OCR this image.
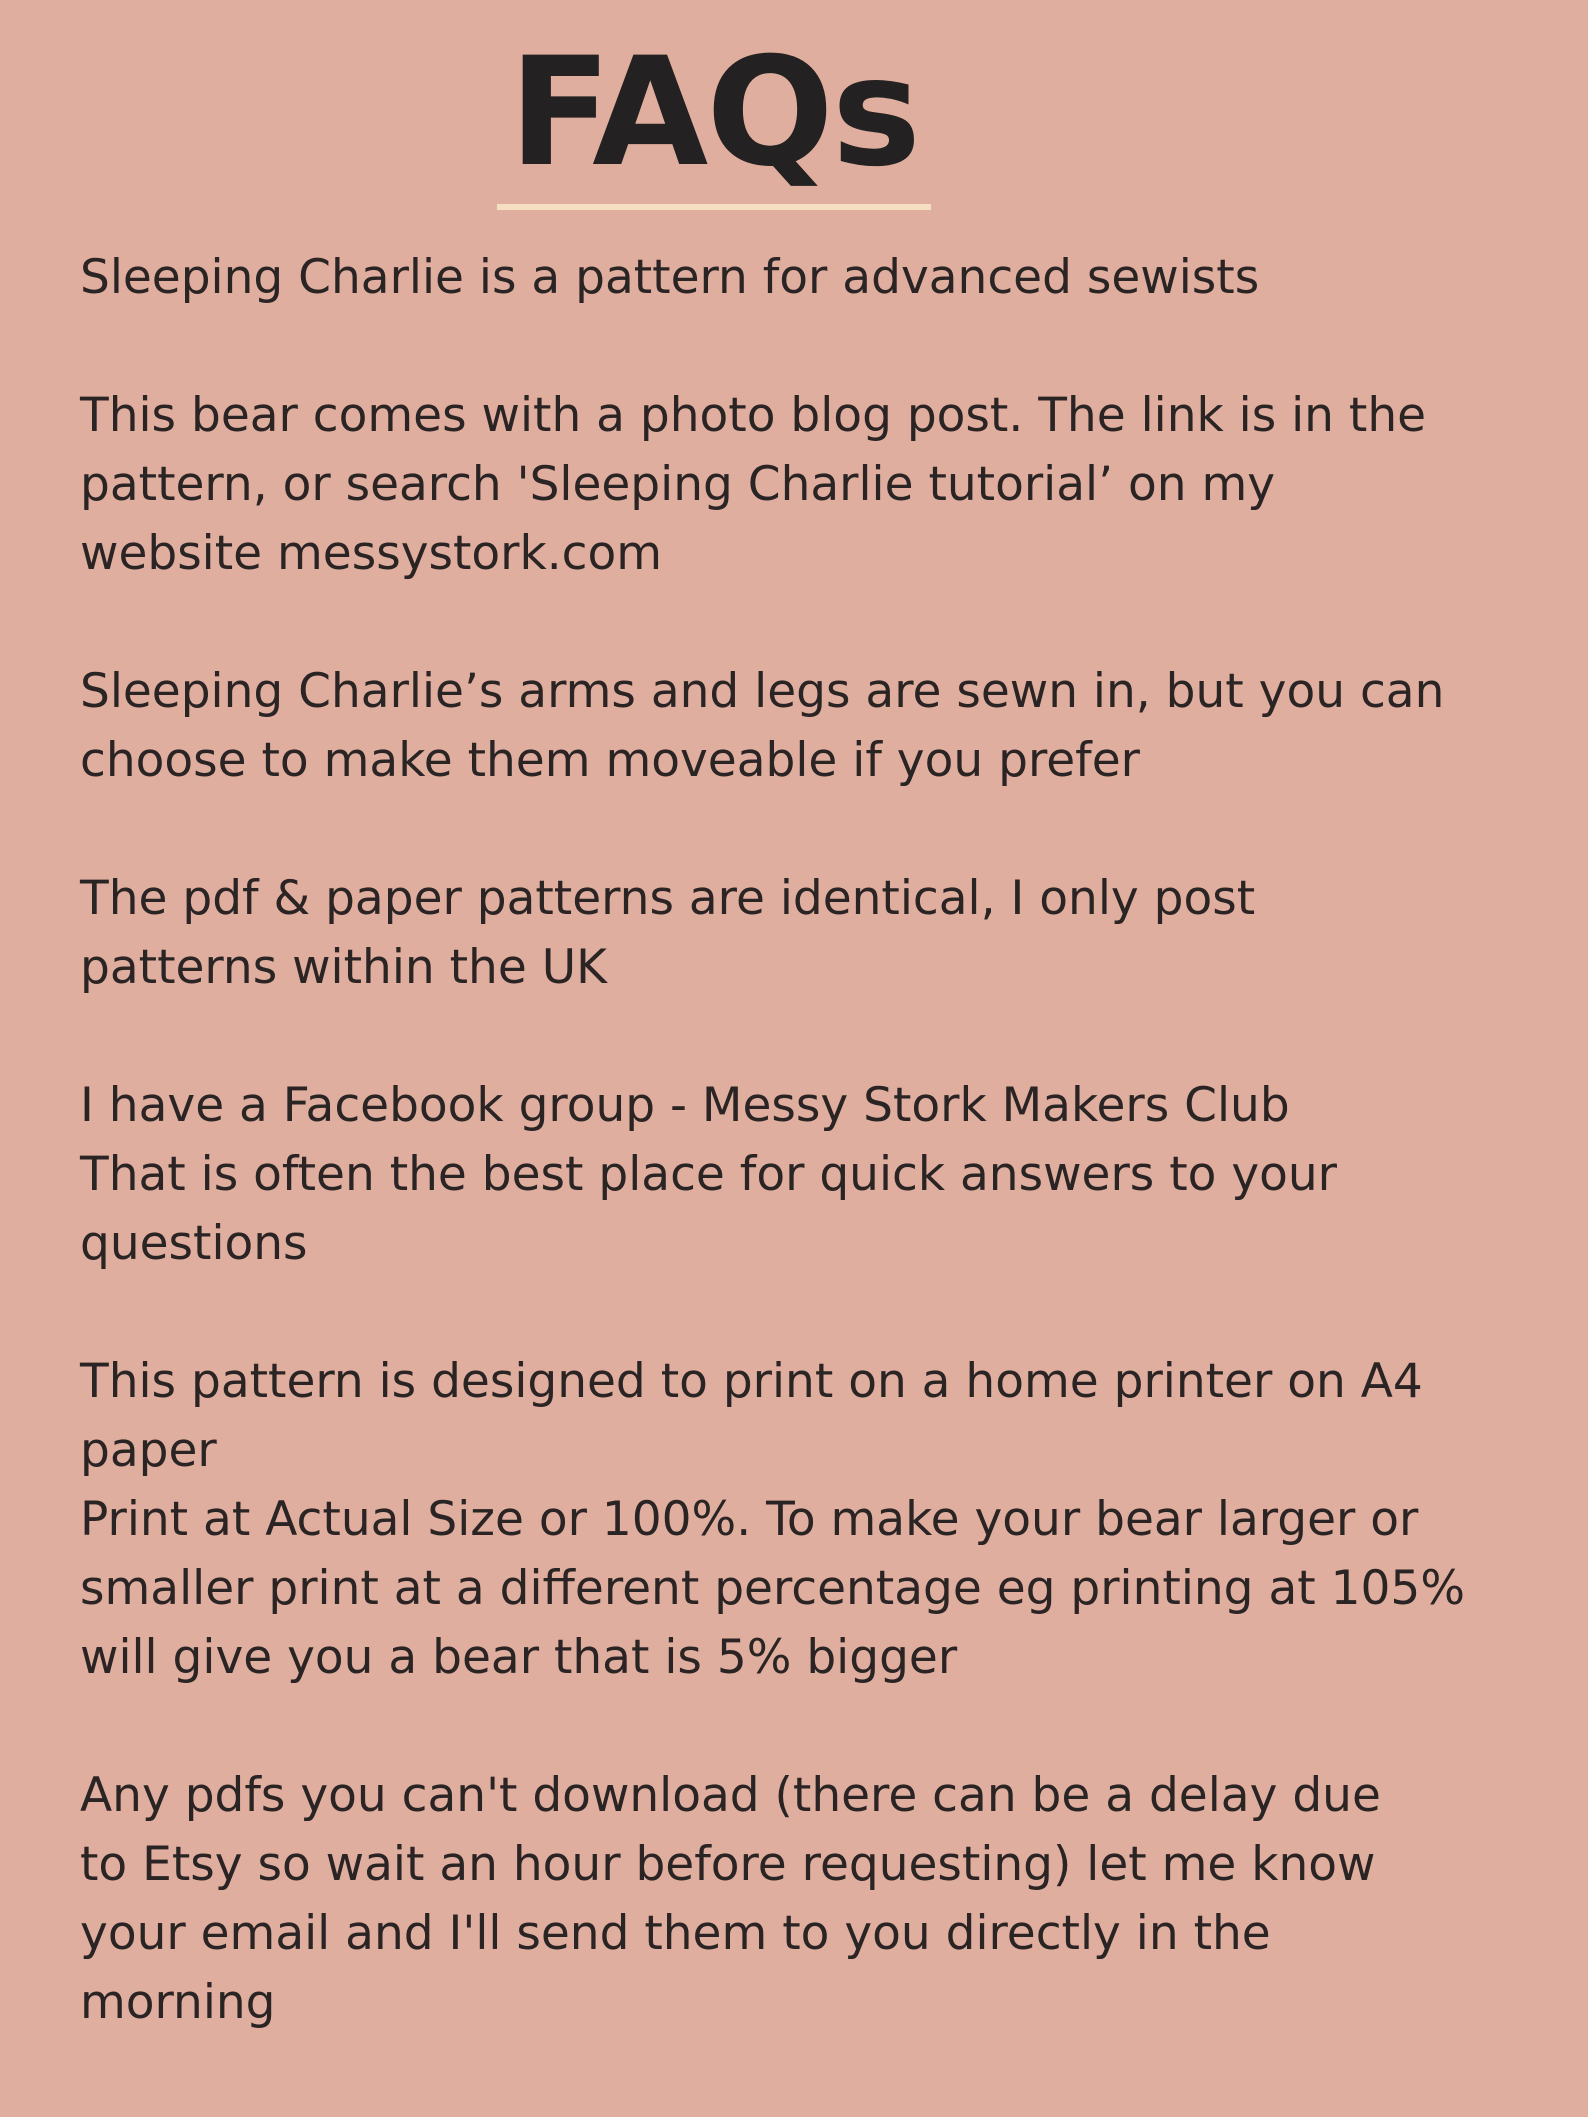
FAQs
Sleeping Charlie is a pattern for advanced sewists
This bear comes with a photo blog post. The link is in the
pattern, or search 'Sleeping Charlie tutorial’ on my
website messystork.com
Sleeping Charlie’s arms and legs are sewn in, but you can
choose to make them moveable if you prefer
The pdf & paper patterns are identical, I only post
patterns within the UK
I have a Facebook group - Messy Stork Makers Club
That is often the best place for quick answers to your
questions
This pattern is designed to print on a home printer on A4
paper
Print at Actual Size or 100%. To make your bear larger or
smaller print at a different percentage eg printing at 105%
will give you a bear that is 5% bigger
Any pdfs you can't download (there can be a delay due
to Etsy so wait an hour before requesting) let me know
your email and I'll send them to you directly in the
morning
